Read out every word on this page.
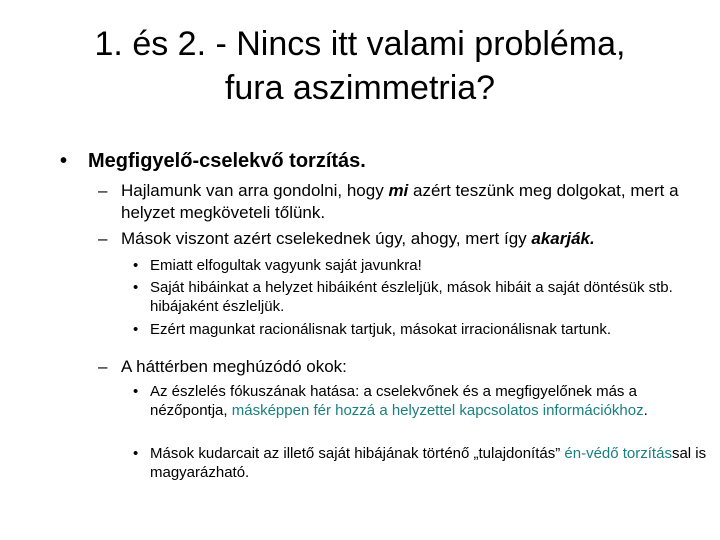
1. és 2. - Nincs itt valami probléma,
fura aszimmetria?
• Megfigyelő-cselekvő torzítás.
– Hajlamunk van arra gondolni, hogy mi azért teszünk meg dolgokat, mert a helyzet megköveteli tőlünk.
– Mások viszont azért cselekednek úgy, ahogy, mert így akarják.
• Emiatt elfogultak vagyunk saját javunkra!
• Saját hibáinkat a helyzet hibáiként észleljük, mások hibáit a saját döntésük stb. hibájaként észleljük.
• Ezért magunkat racionálisnak tartjuk, másokat irracionálisnak tartunk.
– A háttérben meghúzódó okok:
• Az észlelés fókuszának hatása: a cselekvőnek és a megfigyelőnek más a nézőpontja, másképpen fér hozzá a helyzettel kapcsolatos információkhoz.
• Mások kudarcait az illető saját hibájának történő „tulajdonítás” én-védő torzítással is magyarázható.
